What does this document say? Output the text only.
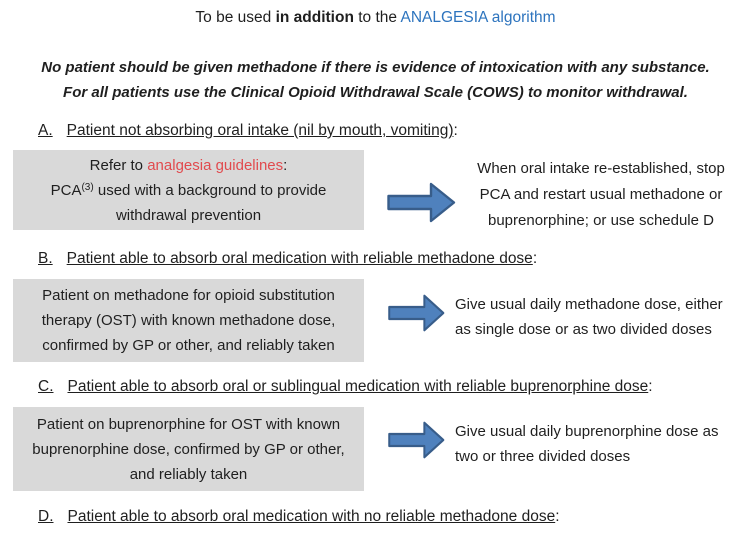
To be used in addition to the ANALGESIA algorithm
No patient should be given methadone if there is evidence of intoxication with any substance.
For all patients use the Clinical Opioid Withdrawal Scale (COWS) to monitor withdrawal.
A. Patient not absorbing oral intake (nil by mouth, vomiting):
Refer to analgesia guidelines:
PCA$^{(3)}$ used with a background to provide
withdrawal prevention
When oral intake re-established, stop
PCA and restart usual methadone or
buprenorphine; or use schedule D
B. Patient able to absorb oral medication with reliable methadone dose:
Patient on methadone for opioid substitution
therapy (OST) with known methadone dose,
confirmed by GP or other, and reliably taken
Give usual daily methadone dose, either
as single dose or as two divided doses
C. Patient able to absorb oral or sublingual medication with reliable buprenorphine dose:
Patient on buprenorphine for OST with known
buprenorphine dose, confirmed by GP or other,
and reliably taken
Give usual daily buprenorphine dose as
two or three divided doses
D. Patient able to absorb oral medication with no reliable methadone dose:
